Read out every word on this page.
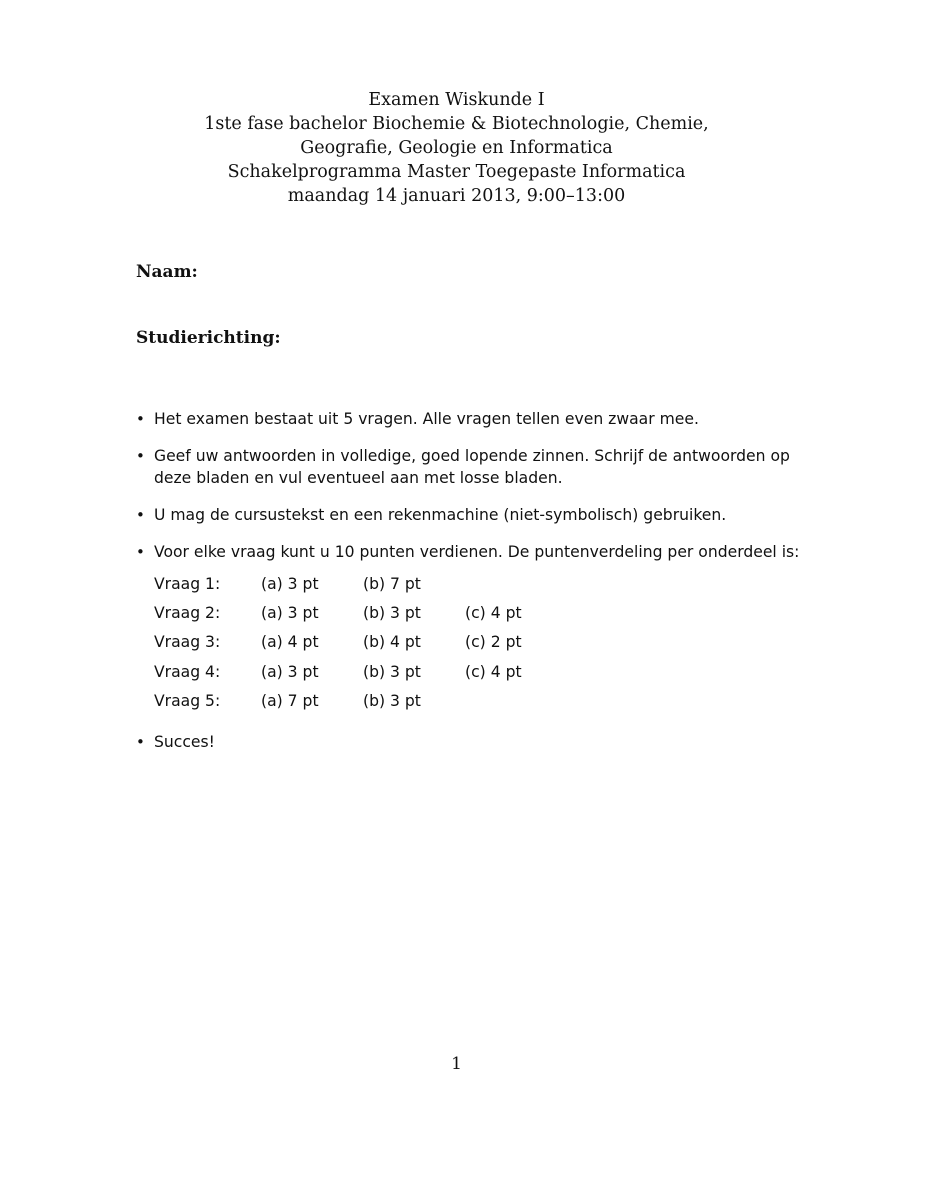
Examen Wiskunde I
1ste fase bachelor Biochemie & Biotechnologie, Chemie,
Geografie, Geologie en Informatica
Schakelprogramma Master Toegepaste Informatica
maandag 14 januari 2013, 9:00–13:00
Naam:
Studierichting:
• Het examen bestaat uit 5 vragen. Alle vragen tellen even zwaar mee.
• Geef uw antwoorden in volledige, goed lopende zinnen. Schrijf de antwoorden op deze bladen en vul eventueel aan met losse bladen.
• U mag de cursustekst en een rekenmachine (niet-symbolisch) gebruiken.
• Voor elke vraag kunt u 10 punten verdienen. De puntenverdeling per onderdeel is:
Vraag 1:	(a) 3 pt	(b) 7 pt	
Vraag 2:	(a) 3 pt	(b) 3 pt	(c) 4 pt
Vraag 3:	(a) 4 pt	(b) 4 pt	(c) 2 pt
Vraag 4:	(a) 3 pt	(b) 3 pt	(c) 4 pt
Vraag 5:	(a) 7 pt	(b) 3 pt	
• Succes!
1
